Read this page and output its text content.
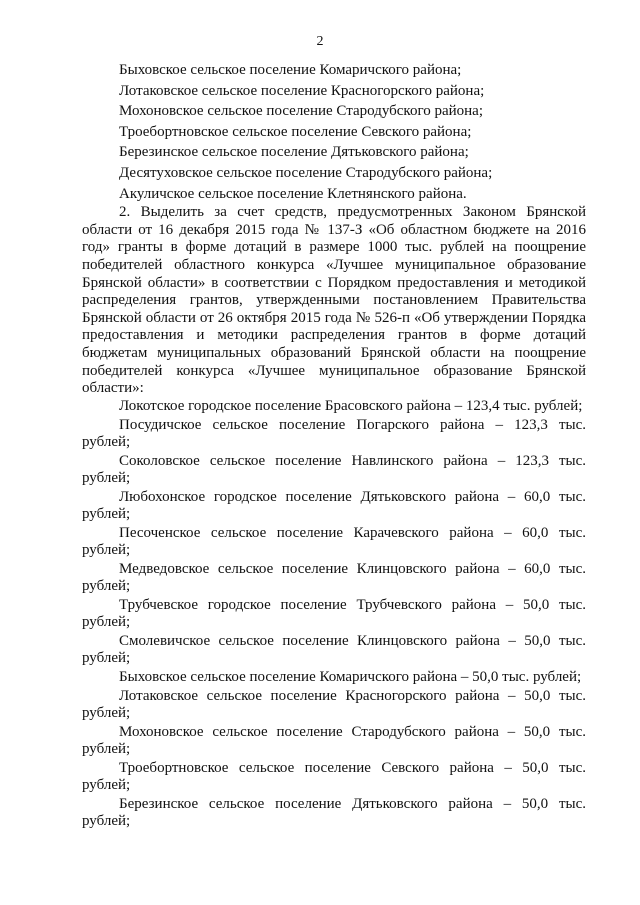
2
Быховское сельское поселение Комаричского района;
Лотаковское сельское поселение Красногорского района;
Мохоновское сельское поселение Стародубского района;
Троебортновское сельское поселение Севского района;
Березинское сельское поселение Дятьковского района;
Десятуховское сельское поселение Стародубского района;
Акуличское сельское поселение Клетнянского района.

2. Выделить за счет средств, предусмотренных Законом Брянской области от 16 декабря 2015 года № 137-З «Об областном бюджете на 2016 год» гранты в форме дотаций в размере 1000 тыс. рублей на поощрение победителей областного конкурса «Лучшее муниципальное образование Брянской области» в соответствии с Порядком предоставления и методикой распределения грантов, утвержденными постановлением Правительства Брянской области от 26 октября 2015 года № 526-п «Об утверждении Порядка предоставления и методики распределения грантов в форме дотаций бюджетам муниципальных образований Брянской области на поощрение победителей конкурса «Лучшее муниципальное образование Брянской области»:

Локотское городское поселение Брасовского района – 123,4 тыс. рублей;

Посудичское сельское поселение Погарского района – 123,3 тыс. рублей;

Соколовское сельское поселение Навлинского района – 123,3 тыс. рублей;

Любохонское городское поселение Дятьковского района – 60,0 тыс. рублей;

Песоченское сельское поселение Карачевского района – 60,0 тыс. рублей;

Медведовское сельское поселение Клинцовского района – 60,0 тыс. рублей;

Трубчевское городское поселение Трубчевского района – 50,0 тыс. рублей;

Смолевичское сельское поселение Клинцовского района – 50,0 тыс. рублей;

Быховское сельское поселение Комаричского района – 50,0 тыс. рублей;

Лотаковское сельское поселение Красногорского района – 50,0 тыс. рублей;

Мохоновское сельское поселение Стародубского района – 50,0 тыс. рублей;

Троебортновское сельское поселение Севского района – 50,0 тыс. рублей;

Березинское сельское поселение Дятьковского района – 50,0 тыс. рублей;
